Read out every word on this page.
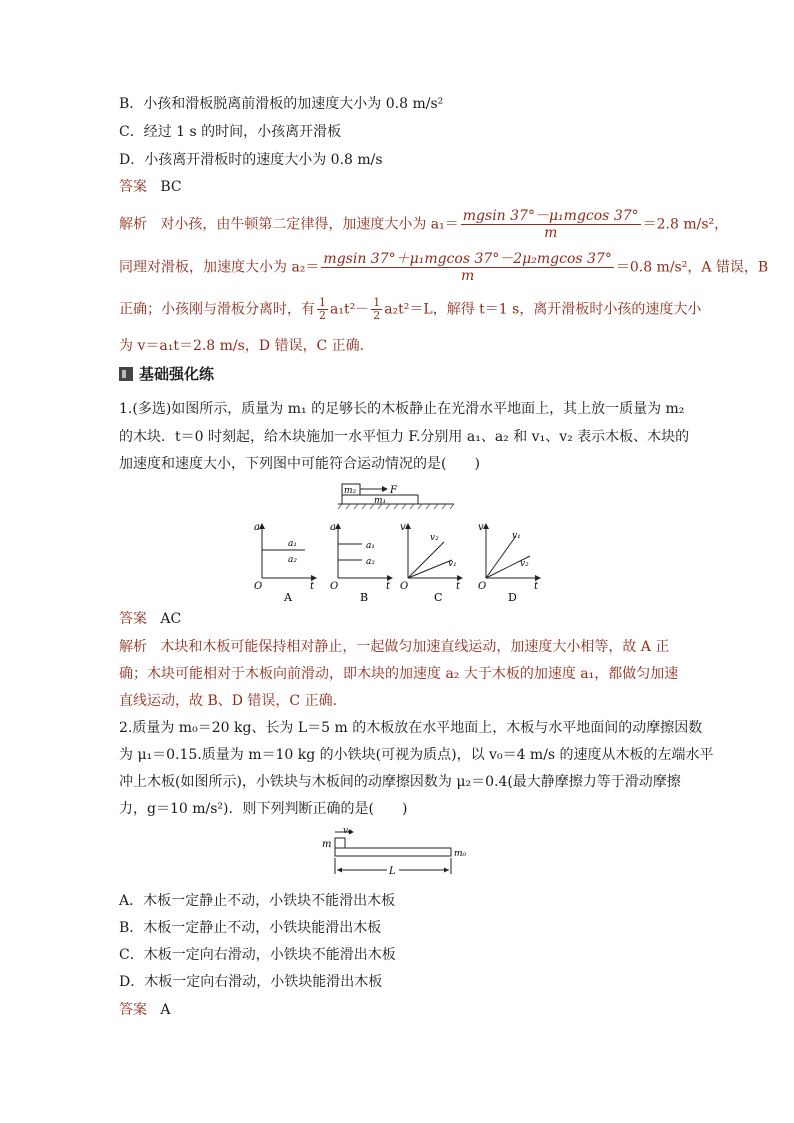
B．小孩和滑板脱离前滑板的加速度大小为 0.8 m/s²
C．经过 1 s 的时间，小孩离开滑板
D．小孩离开滑板时的速度大小为 0.8 m/s
答案 BC
解析 对小孩，由牛顿第二定律得，加速度大小为 $a_1= \frac{\text{mgsin 37°－μ₁mgcos 37°}}{m} =2.8$ m/s²，
同理对滑板，加速度大小为 $a_2= \frac{\text{mgsin 37°＋μ₁mgcos 37°－2μ₂mgcos 37°}}{m} =0.8$ m/s²，A 错误，B
正确；小孩刚与滑板分离时，有 $\frac{1}{2} a_1t^2- \frac{1}{2} a_2t^2=L$，解得 t＝1 s，离开滑板时小孩的速度大小
为 v＝a₁t＝2.8 m/s，D 错误，C 正确．
基础强化练
1.(多选)如图所示，质量为 m₁ 的足够长的木板静止在光滑水平地面上，其上放一质量为 m₂
的木块．t＝0 时刻起，给木块施加一水平恒力 F.分别用 a₁、a₂ 和 v₁、v₂ 表示木板、木块的
加速度和速度大小，下列图中可能符合运动情况的是(　　)
m₂	F
m₁
a
t
O
a₁
a₂
A
a
t
O
a₁
a₂
B
v
t
O
v₂
v₁
C
v
t
O
v₁
v₂
D
答案 AC
解析 木块和木板可能保持相对静止，一起做匀加速直线运动，加速度大小相等，故 A 正
确；木块可能相对于木板向前滑动，即木块的加速度 a₂ 大于木板的加速度 a₁，都做匀加速
直线运动，故 B、D 错误，C 正确．
2.质量为 m₀＝20 kg、长为 L＝5 m 的木板放在水平地面上，木板与水平地面间的动摩擦因数
为 μ₁＝0.15.质量为 m＝10 kg 的小铁块(可视为质点)，以 v₀＝4 m/s 的速度从木板的左端水平
冲上木板(如图所示)，小铁块与木板间的动摩擦因数为 μ₂＝0.4(最大静摩擦力等于滑动摩擦
力，g＝10 m/s²)．则下列判断正确的是(　　)
v₀
m
m₀
L
A．木板一定静止不动，小铁块不能滑出木板
B．木板一定静止不动，小铁块能滑出木板
C．木板一定向右滑动，小铁块不能滑出木板
D．木板一定向右滑动，小铁块能滑出木板
答案 A
